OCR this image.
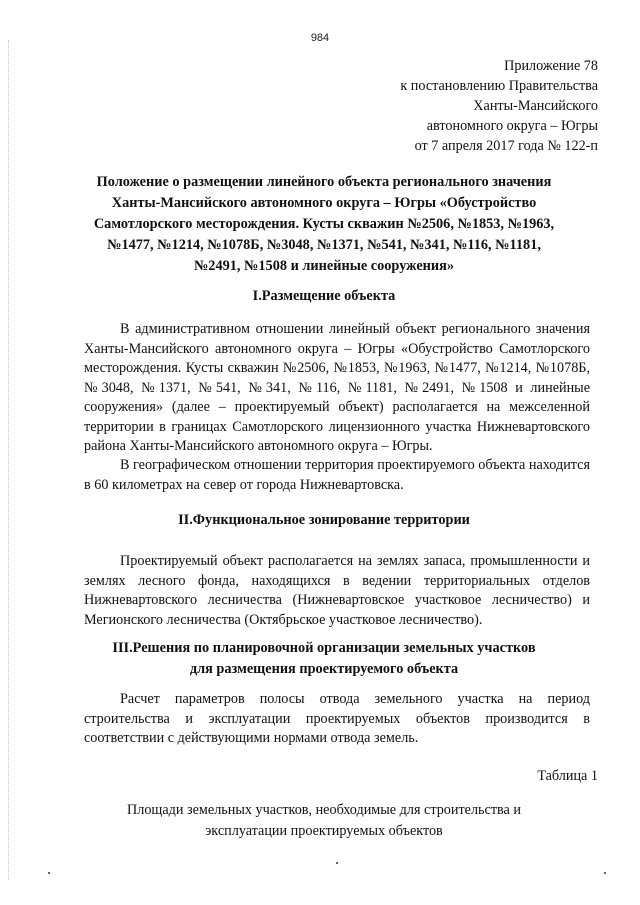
984
Приложение 78
к постановлению Правительства
Ханты-Мансийского
автономного округа – Югры
от 7 апреля 2017 года № 122-п
Положение о размещении линейного объекта регионального значения Ханты-Мансийского автономного округа – Югры «Обустройство Самотлорского месторождения. Кусты скважин №2506, №1853, №1963, №1477, №1214, №1078Б, №3048, №1371, №541, №341, №116, №1181, №2491, №1508 и линейные сооружения»
I.Размещение объекта
В административном отношении линейный объект регионального значения Ханты-Мансийского автономного округа – Югры «Обустройство Самотлорского месторождения. Кусты скважин №2506, №1853, №1963, №1477, №1214, №1078Б, №3048, №1371, №541, №341, №116, №1181, №2491, №1508 и линейные сооружения» (далее – проектируемый объект) располагается на межселенной территории в границах Самотлорского лицензионного участка Нижневартовского района Ханты-Мансийского автономного округа – Югры.
В географическом отношении территория проектируемого объекта находится в 60 километрах на север от города Нижневартовска.
II.Функциональное зонирование территории
Проектируемый объект располагается на землях запаса, промышленности и землях лесного фонда, находящихся в ведении территориальных отделов Нижневартовского лесничества (Нижневартовское участковое лесничество) и Мегионского лесничества (Октябрьское участковое лесничество).
III.Решения по планировочной организации земельных участков
для размещения проектируемого объекта
Расчет параметров полосы отвода земельного участка на период строительства и эксплуатации проектируемых объектов производится в соответствии с действующими нормами отвода земель.
Таблица 1
Площади земельных участков, необходимые для строительства и
эксплуатации проектируемых объектов
